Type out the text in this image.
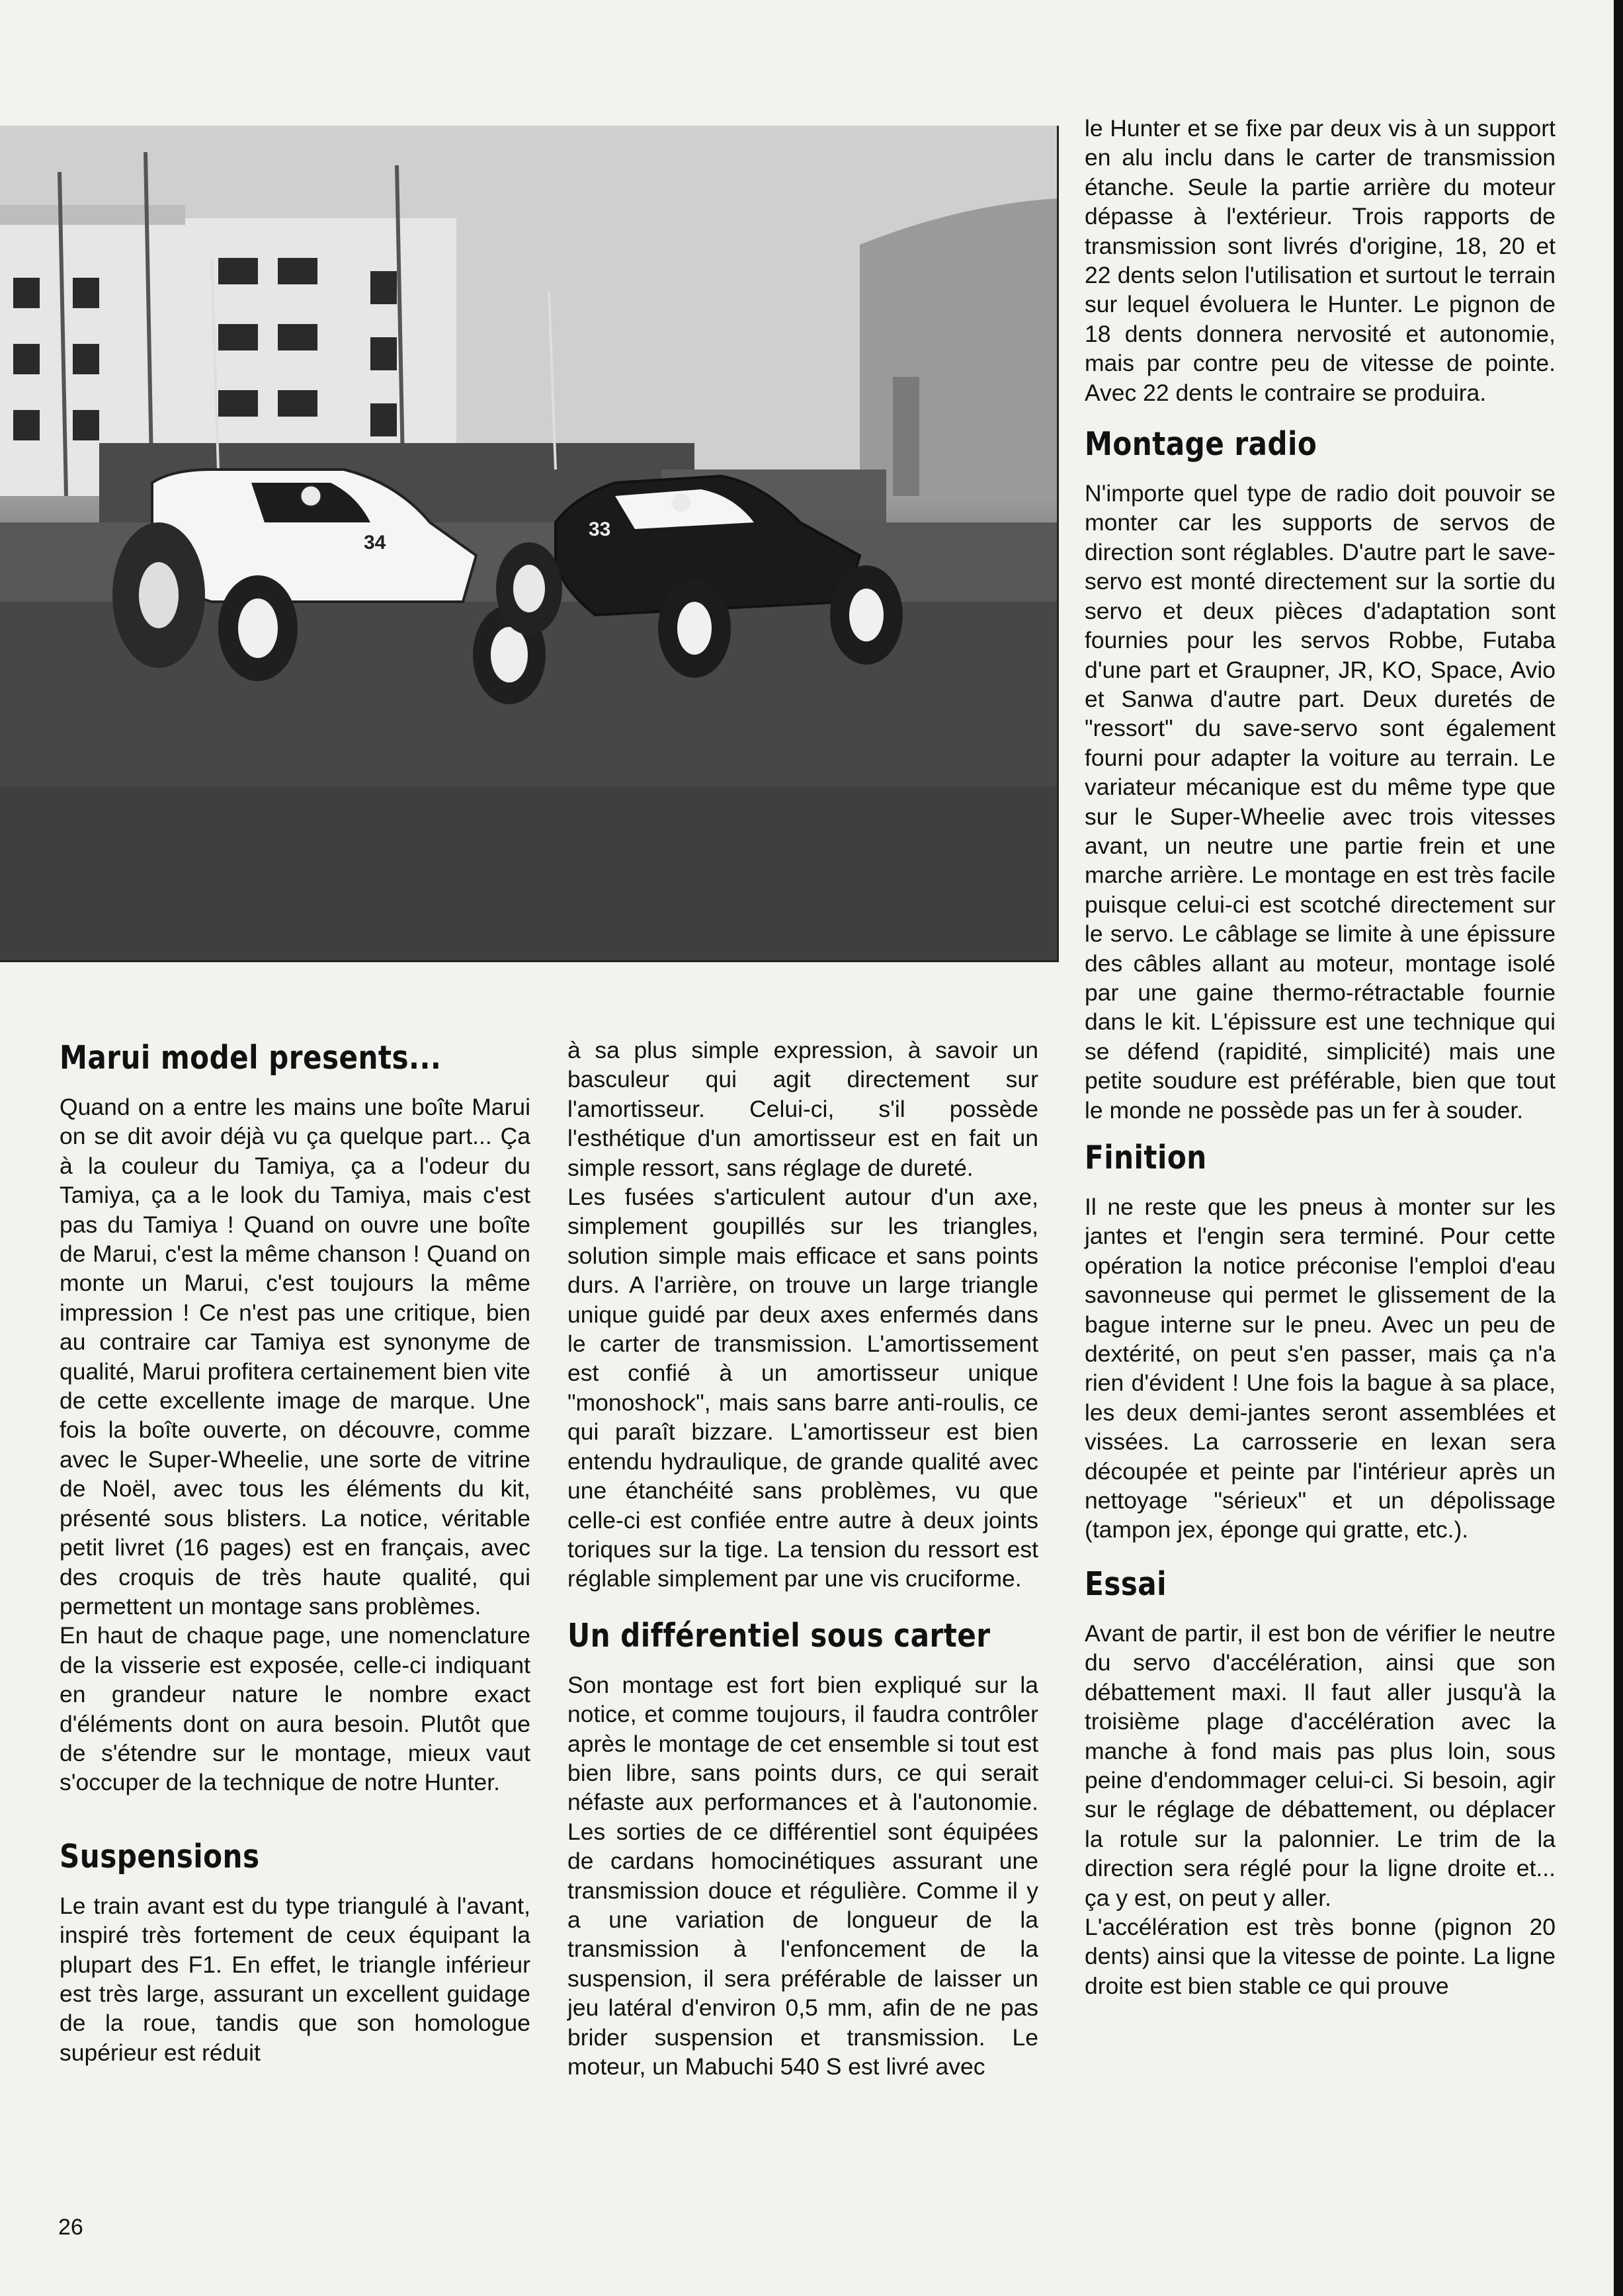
34
33
Marui model presents...

Quand on a entre les mains une boîte Marui on se dit avoir déjà vu ça quelque part... Ça à la couleur du Tamiya, ça a l'odeur du Tamiya, ça a le look du Tamiya, mais c'est pas du Tamiya ! Quand on ouvre une boîte de Marui, c'est la même chanson ! Quand on monte un Marui, c'est toujours la même impression ! Ce n'est pas une critique, bien au contraire car Tamiya est synonyme de qualité, Marui profitera certainement bien vite de cette excellente image de marque. Une fois la boîte ouverte, on découvre, comme avec le Super-Wheelie, une sorte de vitrine de Noël, avec tous les éléments du kit, présenté sous blisters. La notice, véritable petit livret (16 pages) est en français, avec des croquis de très haute qualité, qui permettent un montage sans problèmes.

En haut de chaque page, une nomenclature de la visserie est exposée, celle-ci indiquant en grandeur nature le nombre exact d'éléments dont on aura besoin. Plutôt que de s'étendre sur le montage, mieux vaut s'occuper de la technique de notre Hunter.

Suspensions

Le train avant est du type triangulé à l'avant, inspiré très fortement de ceux équipant la plupart des F1. En effet, le triangle inférieur est très large, assurant un excellent guidage de la roue, tandis que son homologue supérieur est réduit

à sa plus simple expression, à savoir un basculeur qui agit directement sur l'amortisseur. Celui-ci, s'il possède l'esthétique d'un amortisseur est en fait un simple ressort, sans réglage de dureté.

Les fusées s'articulent autour d'un axe, simplement goupillés sur les triangles, solution simple mais efficace et sans points durs. A l'arrière, on trouve un large triangle unique guidé par deux axes enfermés dans le carter de transmission. L'amortissement est confié à un amortisseur unique "monoshock", mais sans barre anti-roulis, ce qui paraît bizzare. L'amortisseur est bien entendu hydraulique, de grande qualité avec une étanchéité sans problèmes, vu que celle-ci est confiée entre autre à deux joints toriques sur la tige. La tension du ressort est réglable simplement par une vis cruciforme.

Un différentiel sous carter

Son montage est fort bien expliqué sur la notice, et comme toujours, il faudra contrôler après le montage de cet ensemble si tout est bien libre, sans points durs, ce qui serait néfaste aux performances et à l'autonomie. Les sorties de ce différentiel sont équipées de cardans homocinétiques assurant une transmission douce et régulière. Comme il y a une variation de longueur de la transmission à l'enfoncement de la suspension, il sera préférable de laisser un jeu latéral d'environ 0,5 mm, afin de ne pas brider suspension et transmission. Le moteur, un Mabuchi 540 S est livré avec

le Hunter et se fixe par deux vis à un support en alu inclu dans le carter de transmission étanche. Seule la partie arrière du moteur dépasse à l'extérieur. Trois rapports de transmission sont livrés d'origine, 18, 20 et 22 dents selon l'utilisation et surtout le terrain sur lequel évoluera le Hunter. Le pignon de 18 dents donnera nervosité et autonomie, mais par contre peu de vitesse de pointe. Avec 22 dents le contraire se produira.

Montage radio

N'importe quel type de radio doit pouvoir se monter car les supports de servos de direction sont réglables. D'autre part le save-servo est monté directement sur la sortie du servo et deux pièces d'adaptation sont fournies pour les servos Robbe, Futaba d'une part et Graupner, JR, KO, Space, Avio et Sanwa d'autre part. Deux duretés de "ressort" du save-servo sont également fourni pour adapter la voiture au terrain. Le variateur mécanique est du même type que sur le Super-Wheelie avec trois vitesses avant, un neutre une partie frein et une marche arrière. Le montage en est très facile puisque celui-ci est scotché directement sur le servo. Le câblage se limite à une épissure des câbles allant au moteur, montage isolé par une gaine thermo-rétractable fournie dans le kit. L'épissure est une technique qui se défend (rapidité, simplicité) mais une petite soudure est préférable, bien que tout le monde ne possède pas un fer à souder.

Finition

Il ne reste que les pneus à monter sur les jantes et l'engin sera terminé. Pour cette opération la notice préconise l'emploi d'eau savonneuse qui permet le glissement de la bague interne sur le pneu. Avec un peu de dextérité, on peut s'en passer, mais ça n'a rien d'évident ! Une fois la bague à sa place, les deux demi-jantes seront assemblées et vissées. La carrosserie en lexan sera découpée et peinte par l'intérieur après un nettoyage "sérieux" et un dépolissage (tampon jex, éponge qui gratte, etc.).

Essai

Avant de partir, il est bon de vérifier le neutre du servo d'accélération, ainsi que son débattement maxi. Il faut aller jusqu'à la troisième plage d'accélération avec la manche à fond mais pas plus loin, sous peine d'endommager celui-ci. Si besoin, agir sur le réglage de débattement, ou déplacer la rotule sur la palonnier. Le trim de la direction sera réglé pour la ligne droite et... ça y est, on peut y aller.

L'accélération est très bonne (pignon 20 dents) ainsi que la vitesse de pointe. La ligne droite est bien stable ce qui prouve

26
